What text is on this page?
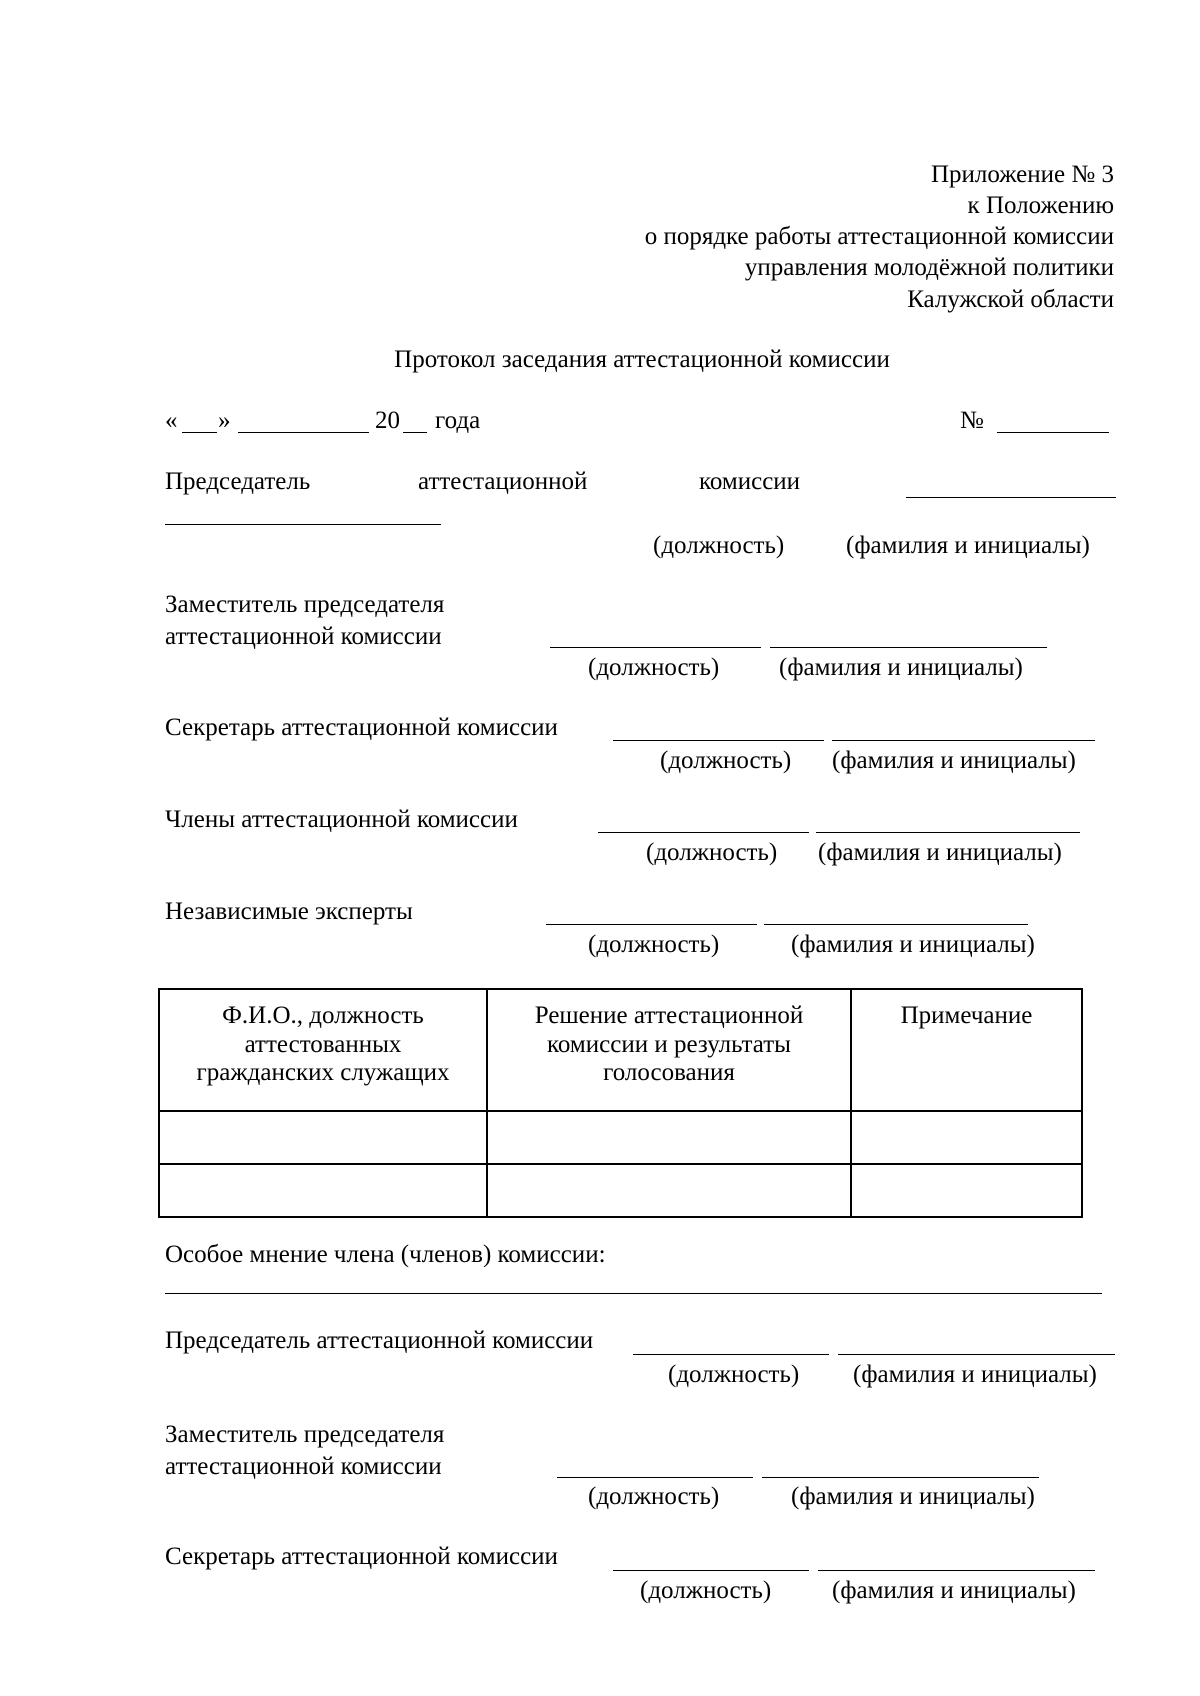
Приложение № 3
к Положению
о порядке работы аттестационной комиссии
управления молодёжной политики
Калужской области
Протокол заседания аттестационной комиссии
« »	20 года	№
Председатель	аттестационной	комиссии
(должность) (фамилия и инициалы)
Заместитель председателя
аттестационной комиссии
(должность) (фамилия и инициалы)
Секретарь аттестационной комиссии
(должность) (фамилия и инициалы)
Члены аттестационной комиссии
(должность) (фамилия и инициалы)
Независимые эксперты
(должность)	(фамилия и инициалы)
Ф.И.О., должность аттестованных гражданских служащих	Решение аттестационной комиссии и результаты голосования	Примечание

Особое мнение члена (членов) комиссии:
Председатель аттестационной комиссии
(должность) (фамилия и инициалы)
Заместитель председателя
аттестационной комиссии
(должность)	(фамилия и инициалы)
Секретарь аттестационной комиссии
(должность) (фамилия и инициалы)
